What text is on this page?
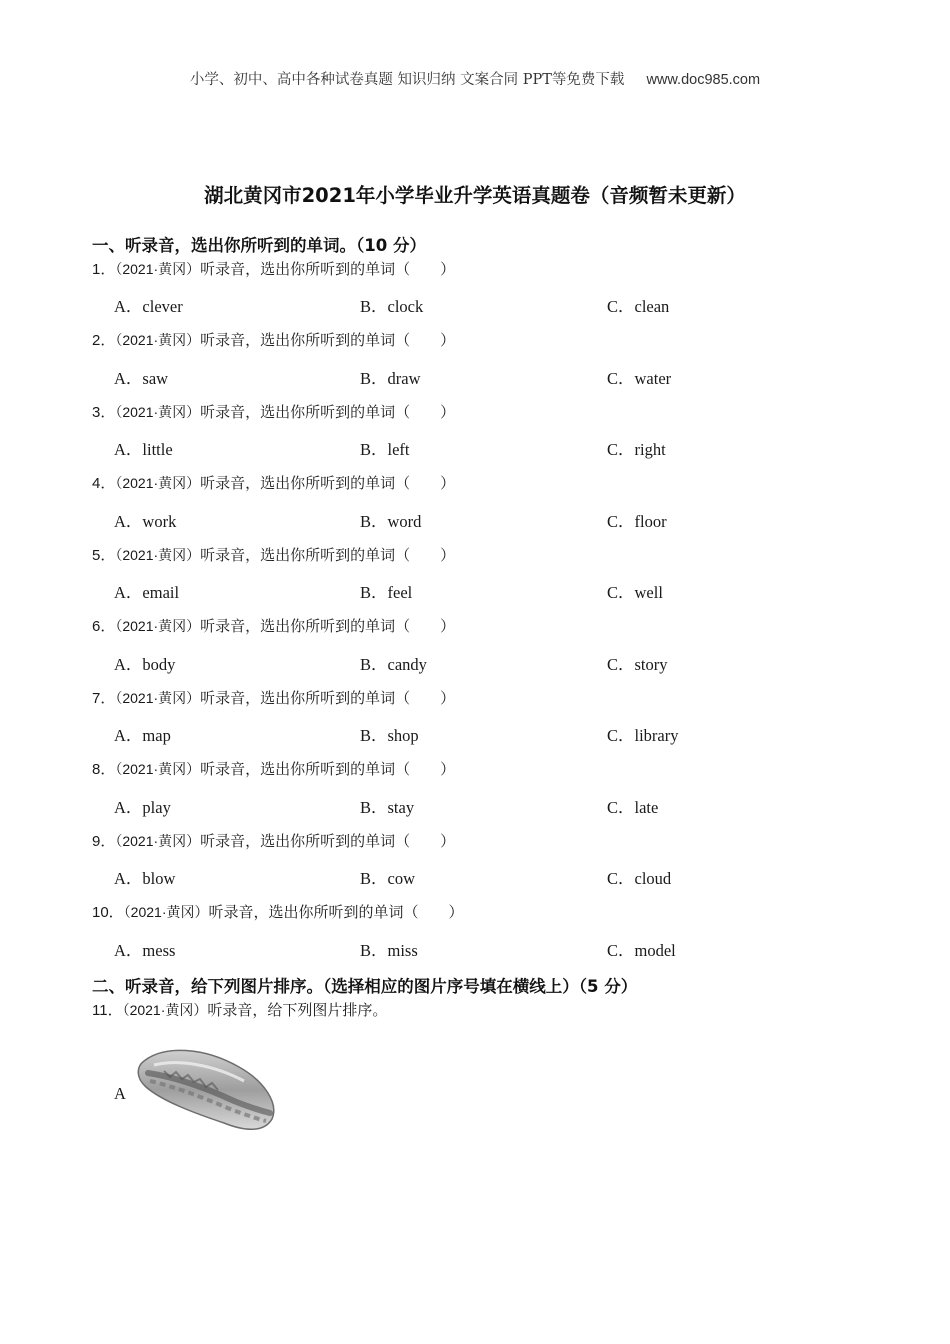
小学、初中、高中各种试卷真题 知识归纳 文案合同 PPT等免费下载 www.doc985.com
湖北黄冈市2021年小学毕业升学英语真题卷（音频暂未更新）
一、听录音，选出你所听到的单词。（10 分）
1．（2021·黄冈）听录音，选出你所听到的单词（　　）
A．clever	B．clock	C．clean
2．（2021·黄冈）听录音，选出你所听到的单词（　　）
A．saw	B．draw	C．water
3．（2021·黄冈）听录音，选出你所听到的单词（　　）
A．little	B．left	C．right
4．（2021·黄冈）听录音，选出你所听到的单词（　　）
A．work	B．word	C．floor
5．（2021·黄冈）听录音，选出你所听到的单词（　　）
A．email	B．feel	C．well
6．（2021·黄冈）听录音，选出你所听到的单词（　　）
A．body	B．candy	C．story
7．（2021·黄冈）听录音，选出你所听到的单词（　　）
A．map	B．shop	C．library
8．（2021·黄冈）听录音，选出你所听到的单词（　　）
A．play	B．stay	C．late
9．（2021·黄冈）听录音，选出你所听到的单词（　　）
A．blow	B．cow	C．cloud
10．（2021·黄冈）听录音，选出你所听到的单词（　　）
A．mess	B．miss	C．model
二、听录音，给下列图片排序。（选择相应的图片序号填在横线上）（5 分）
11．（2021·黄冈）听录音，给下列图片排序。
A
